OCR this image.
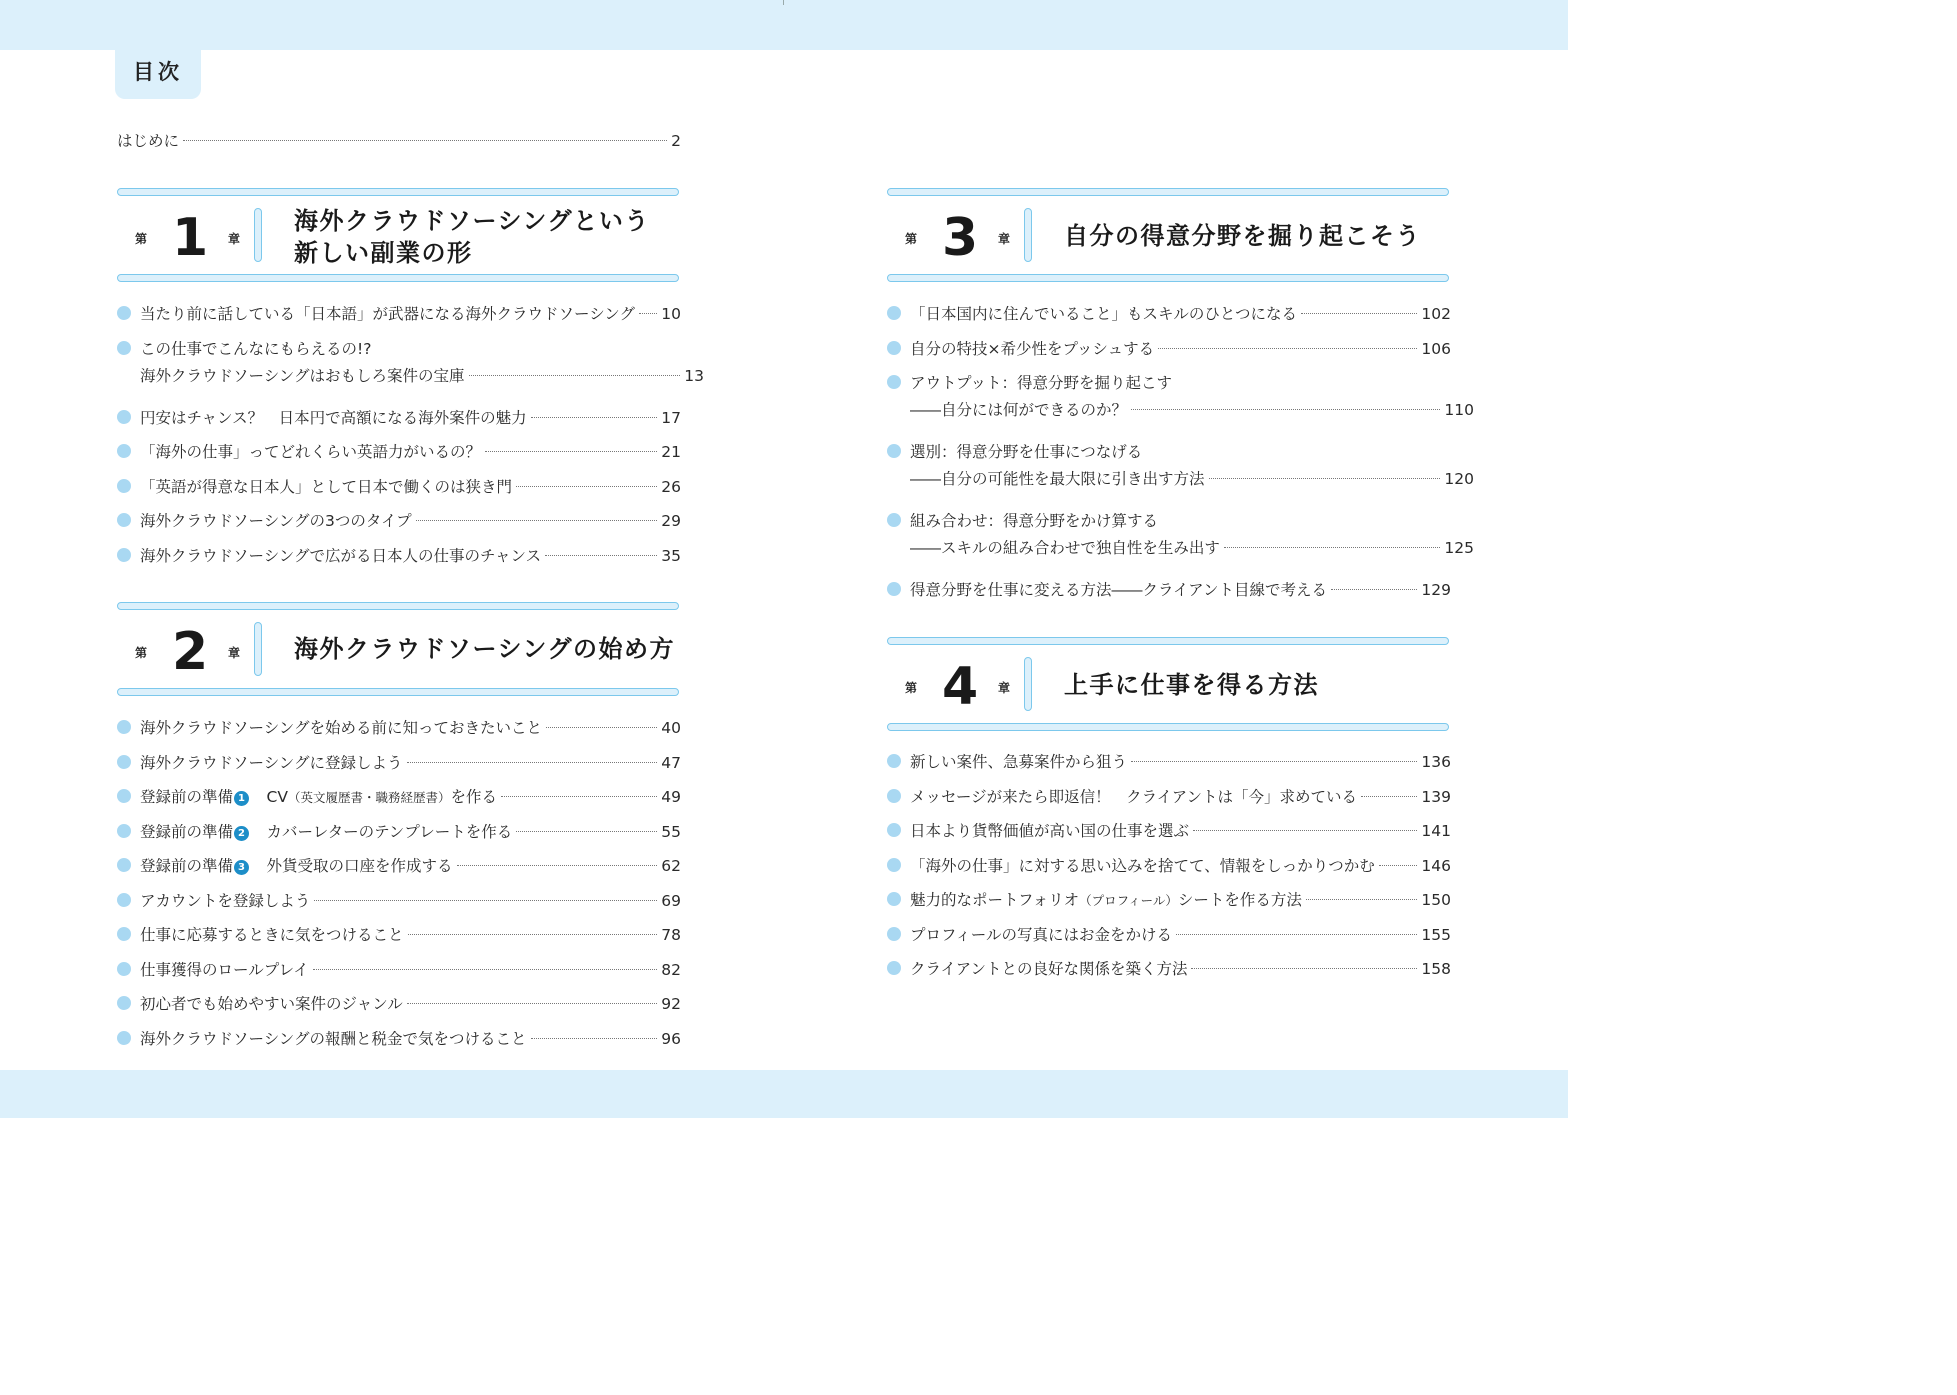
目次
はじめに	2
第 1 章
海外クラウドソーシングという
新しい副業の形
当たり前に話している「日本語」が武器になる海外クラウドソーシング 10
この仕事でこんなにもらえるの!?
海外クラウドソーシングはおもしろ案件の宝庫	13
円安はチャンス？　日本円で高額になる海外案件の魅力	17
「海外の仕事」ってどれくらい英語力がいるの？	21
「英語が得意な日本人」として日本で働くのは狭き門	26
海外クラウドソーシングの3つのタイプ	29
海外クラウドソーシングで広がる日本人の仕事のチャンス	35
第 2 章 海外クラウドソーシングの始め方
海外クラウドソーシングを始める前に知っておきたいこと	40
海外クラウドソーシングに登録しよう	47
登録前の準備 1　CV（英文履歴書・職務経歴書）を作る	49
登録前の準備 2　カバーレターのテンプレートを作る	55
登録前の準備 3　外貨受取の口座を作成する	62
アカウントを登録しよう	69
仕事に応募するときに気をつけること	78
仕事獲得のロールプレイ	82
初心者でも始めやすい案件のジャンル	92
海外クラウドソーシングの報酬と税金で気をつけること	96
第 3 章 自分の得意分野を掘り起こそう
「日本国内に住んでいること」もスキルのひとつになる	102
自分の特技×希少性をプッシュする	106
アウトプット：得意分野を掘り起こす
――自分には何ができるのか？	110
選別：得意分野を仕事につなげる
――自分の可能性を最大限に引き出す方法	120
組み合わせ：得意分野をかけ算する
――スキルの組み合わせで独自性を生み出す	125
得意分野を仕事に変える方法――クライアント目線で考える	129
第 4 章 上手に仕事を得る方法
新しい案件、急募案件から狙う	136
メッセージが来たら即返信！　クライアントは「今」求めている	139
日本より貨幣価値が高い国の仕事を選ぶ	141
「海外の仕事」に対する思い込みを捨てて、情報をしっかりつかむ	146
魅力的なポートフォリオ（プロフィール）シートを作る方法	150
プロフィールの写真にはお金をかける	155
クライアントとの良好な関係を築く方法	158
